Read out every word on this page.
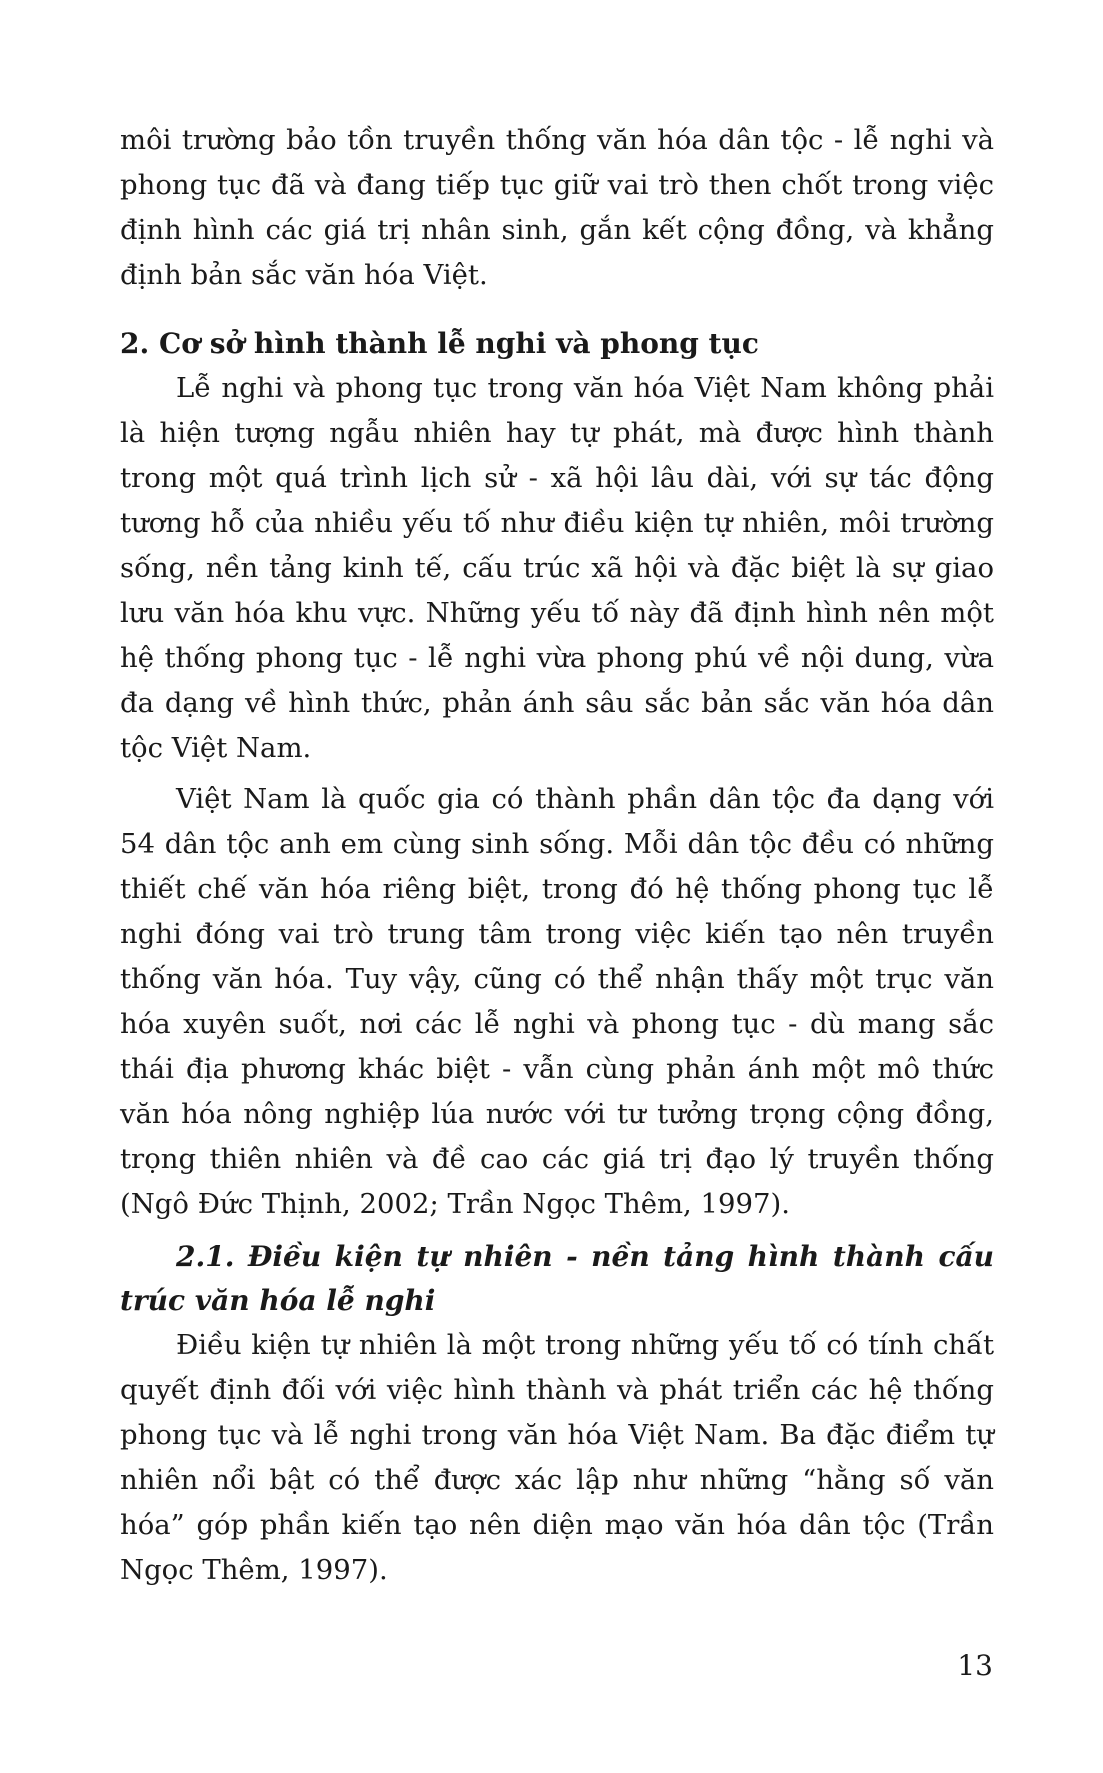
môi trường bảo tồn truyền thống văn hóa dân tộc - lễ nghi và phong tục đã và đang tiếp tục giữ vai trò then chốt trong việc định hình các giá trị nhân sinh, gắn kết cộng đồng, và khẳng định bản sắc văn hóa Việt.

2. Cơ sở hình thành lễ nghi và phong tục

Lễ nghi và phong tục trong văn hóa Việt Nam không phải là hiện tượng ngẫu nhiên hay tự phát, mà được hình thành trong một quá trình lịch sử - xã hội lâu dài, với sự tác động tương hỗ của nhiều yếu tố như điều kiện tự nhiên, môi trường sống, nền tảng kinh tế, cấu trúc xã hội và đặc biệt là sự giao lưu văn hóa khu vực. Những yếu tố này đã định hình nên một hệ thống phong tục - lễ nghi vừa phong phú về nội dung, vừa đa dạng về hình thức, phản ánh sâu sắc bản sắc văn hóa dân tộc Việt Nam.

Việt Nam là quốc gia có thành phần dân tộc đa dạng với 54 dân tộc anh em cùng sinh sống. Mỗi dân tộc đều có những thiết chế văn hóa riêng biệt, trong đó hệ thống phong tục lễ nghi đóng vai trò trung tâm trong việc kiến tạo nên truyền thống văn hóa. Tuy vậy, cũng có thể nhận thấy một trục văn hóa xuyên suốt, nơi các lễ nghi và phong tục - dù mang sắc thái địa phương khác biệt - vẫn cùng phản ánh một mô thức văn hóa nông nghiệp lúa nước với tư tưởng trọng cộng đồng, trọng thiên nhiên và đề cao các giá trị đạo lý truyền thống (Ngô Đức Thịnh, 2002; Trần Ngọc Thêm, 1997).

2.1. Điều kiện tự nhiên - nền tảng hình thành cấu trúc văn hóa lễ nghi

Điều kiện tự nhiên là một trong những yếu tố có tính chất quyết định đối với việc hình thành và phát triển các hệ thống phong tục và lễ nghi trong văn hóa Việt Nam. Ba đặc điểm tự nhiên nổi bật có thể được xác lập như những “hằng số văn hóa” góp phần kiến tạo nên diện mạo văn hóa dân tộc (Trần Ngọc Thêm, 1997).

13
